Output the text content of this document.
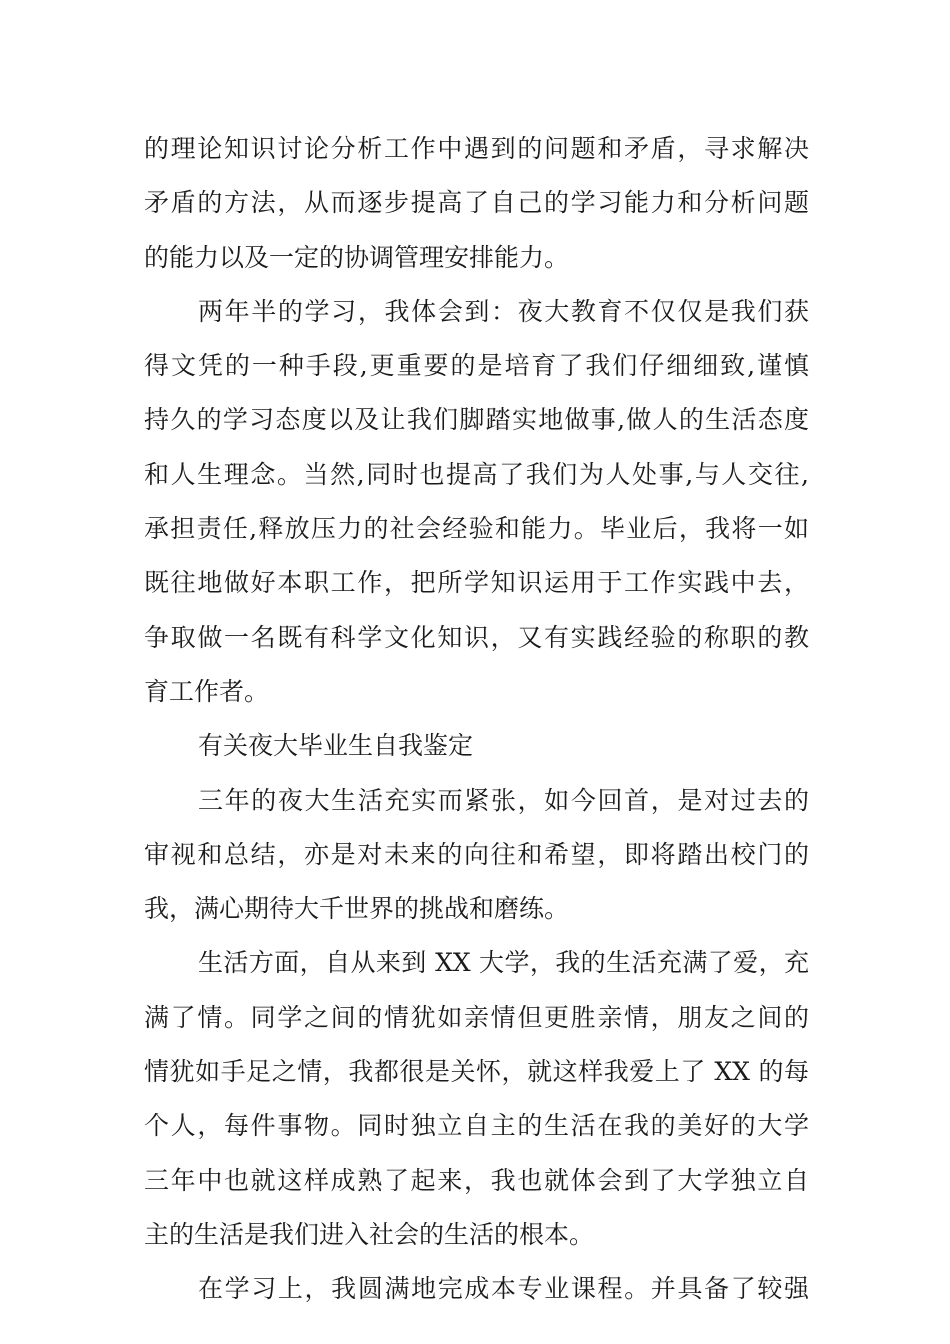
的理论知识讨论分析工作中遇到的问题和矛盾，寻求解决
矛盾的方法，从而逐步提高了自己的学习能力和分析问题
的能力以及一定的协调管理安排能力。
两年半的学习，我体会到：夜大教育不仅仅是我们获
得文凭的一种手段,更重要的是培育了我们仔细细致,谨慎
持久的学习态度以及让我们脚踏实地做事,做人的生活态度
和人生理念。当然,同时也提高了我们为人处事,与人交往,
承担责任,释放压力的社会经验和能力。毕业后，我将一如
既往地做好本职工作，把所学知识运用于工作实践中去，
争取做一名既有科学文化知识，又有实践经验的称职的教
育工作者。
有关夜大毕业生自我鉴定
三年的夜大生活充实而紧张，如今回首，是对过去的
审视和总结，亦是对未来的向往和希望，即将踏出校门的
我，满心期待大千世界的挑战和磨练。
生活方面，自从来到 XX 大学，我的生活充满了爱，充
满了情。同学之间的情犹如亲情但更胜亲情，朋友之间的
情犹如手足之情，我都很是关怀，就这样我爱上了 XX 的每
个人，每件事物。同时独立自主的生活在我的美好的大学
三年中也就这样成熟了起来，我也就体会到了大学独立自
主的生活是我们进入社会的生活的根本。
在学习上，我圆满地完成本专业课程。并具备了较强
